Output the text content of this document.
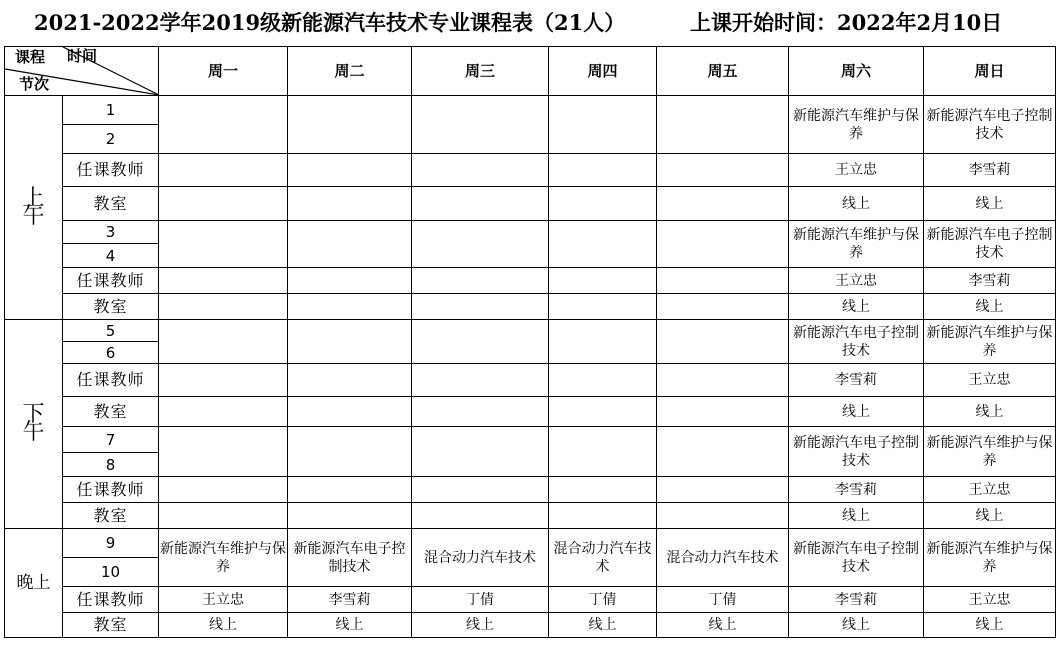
2021-2022学年2019级新能源汽车技术专业课程表（21人）	上课开始时间：2022年2月10日
时间
课程
节次		周一	周二	周三	周四	周五	周六	周日

上
午	1						新能源汽车维护与保养	新能源汽车电子控制技术
	2							
	任课教师						王立忠	李雪莉
	教室						线上	线上
	3						新能源汽车维护与保养	新能源汽车电子控制技术
	4							
	任课教师						王立忠	李雪莉
	教室						线上	线上

下
午	5						新能源汽车电子控制技术	新能源汽车维护与保养
	6							
	任课教师						李雪莉	王立忠
	教室						线上	线上
	7						新能源汽车电子控制技术	新能源汽车维护与保养
	8							
	任课教师						李雪莉	王立忠
	教室						线上	线上
晚上	9	新能源汽车维护与保养	新能源汽车电子控制技术	混合动力汽车技术	混合动力汽车技术	混合动力汽车技术	新能源汽车电子控制技术	新能源汽车维护与保养
	10							
	任课教师	王立忠	李雪莉	丁倩	丁倩	丁倩	李雪莉	王立忠
	教室	线上	线上	线上	线上	线上	线上	线上
